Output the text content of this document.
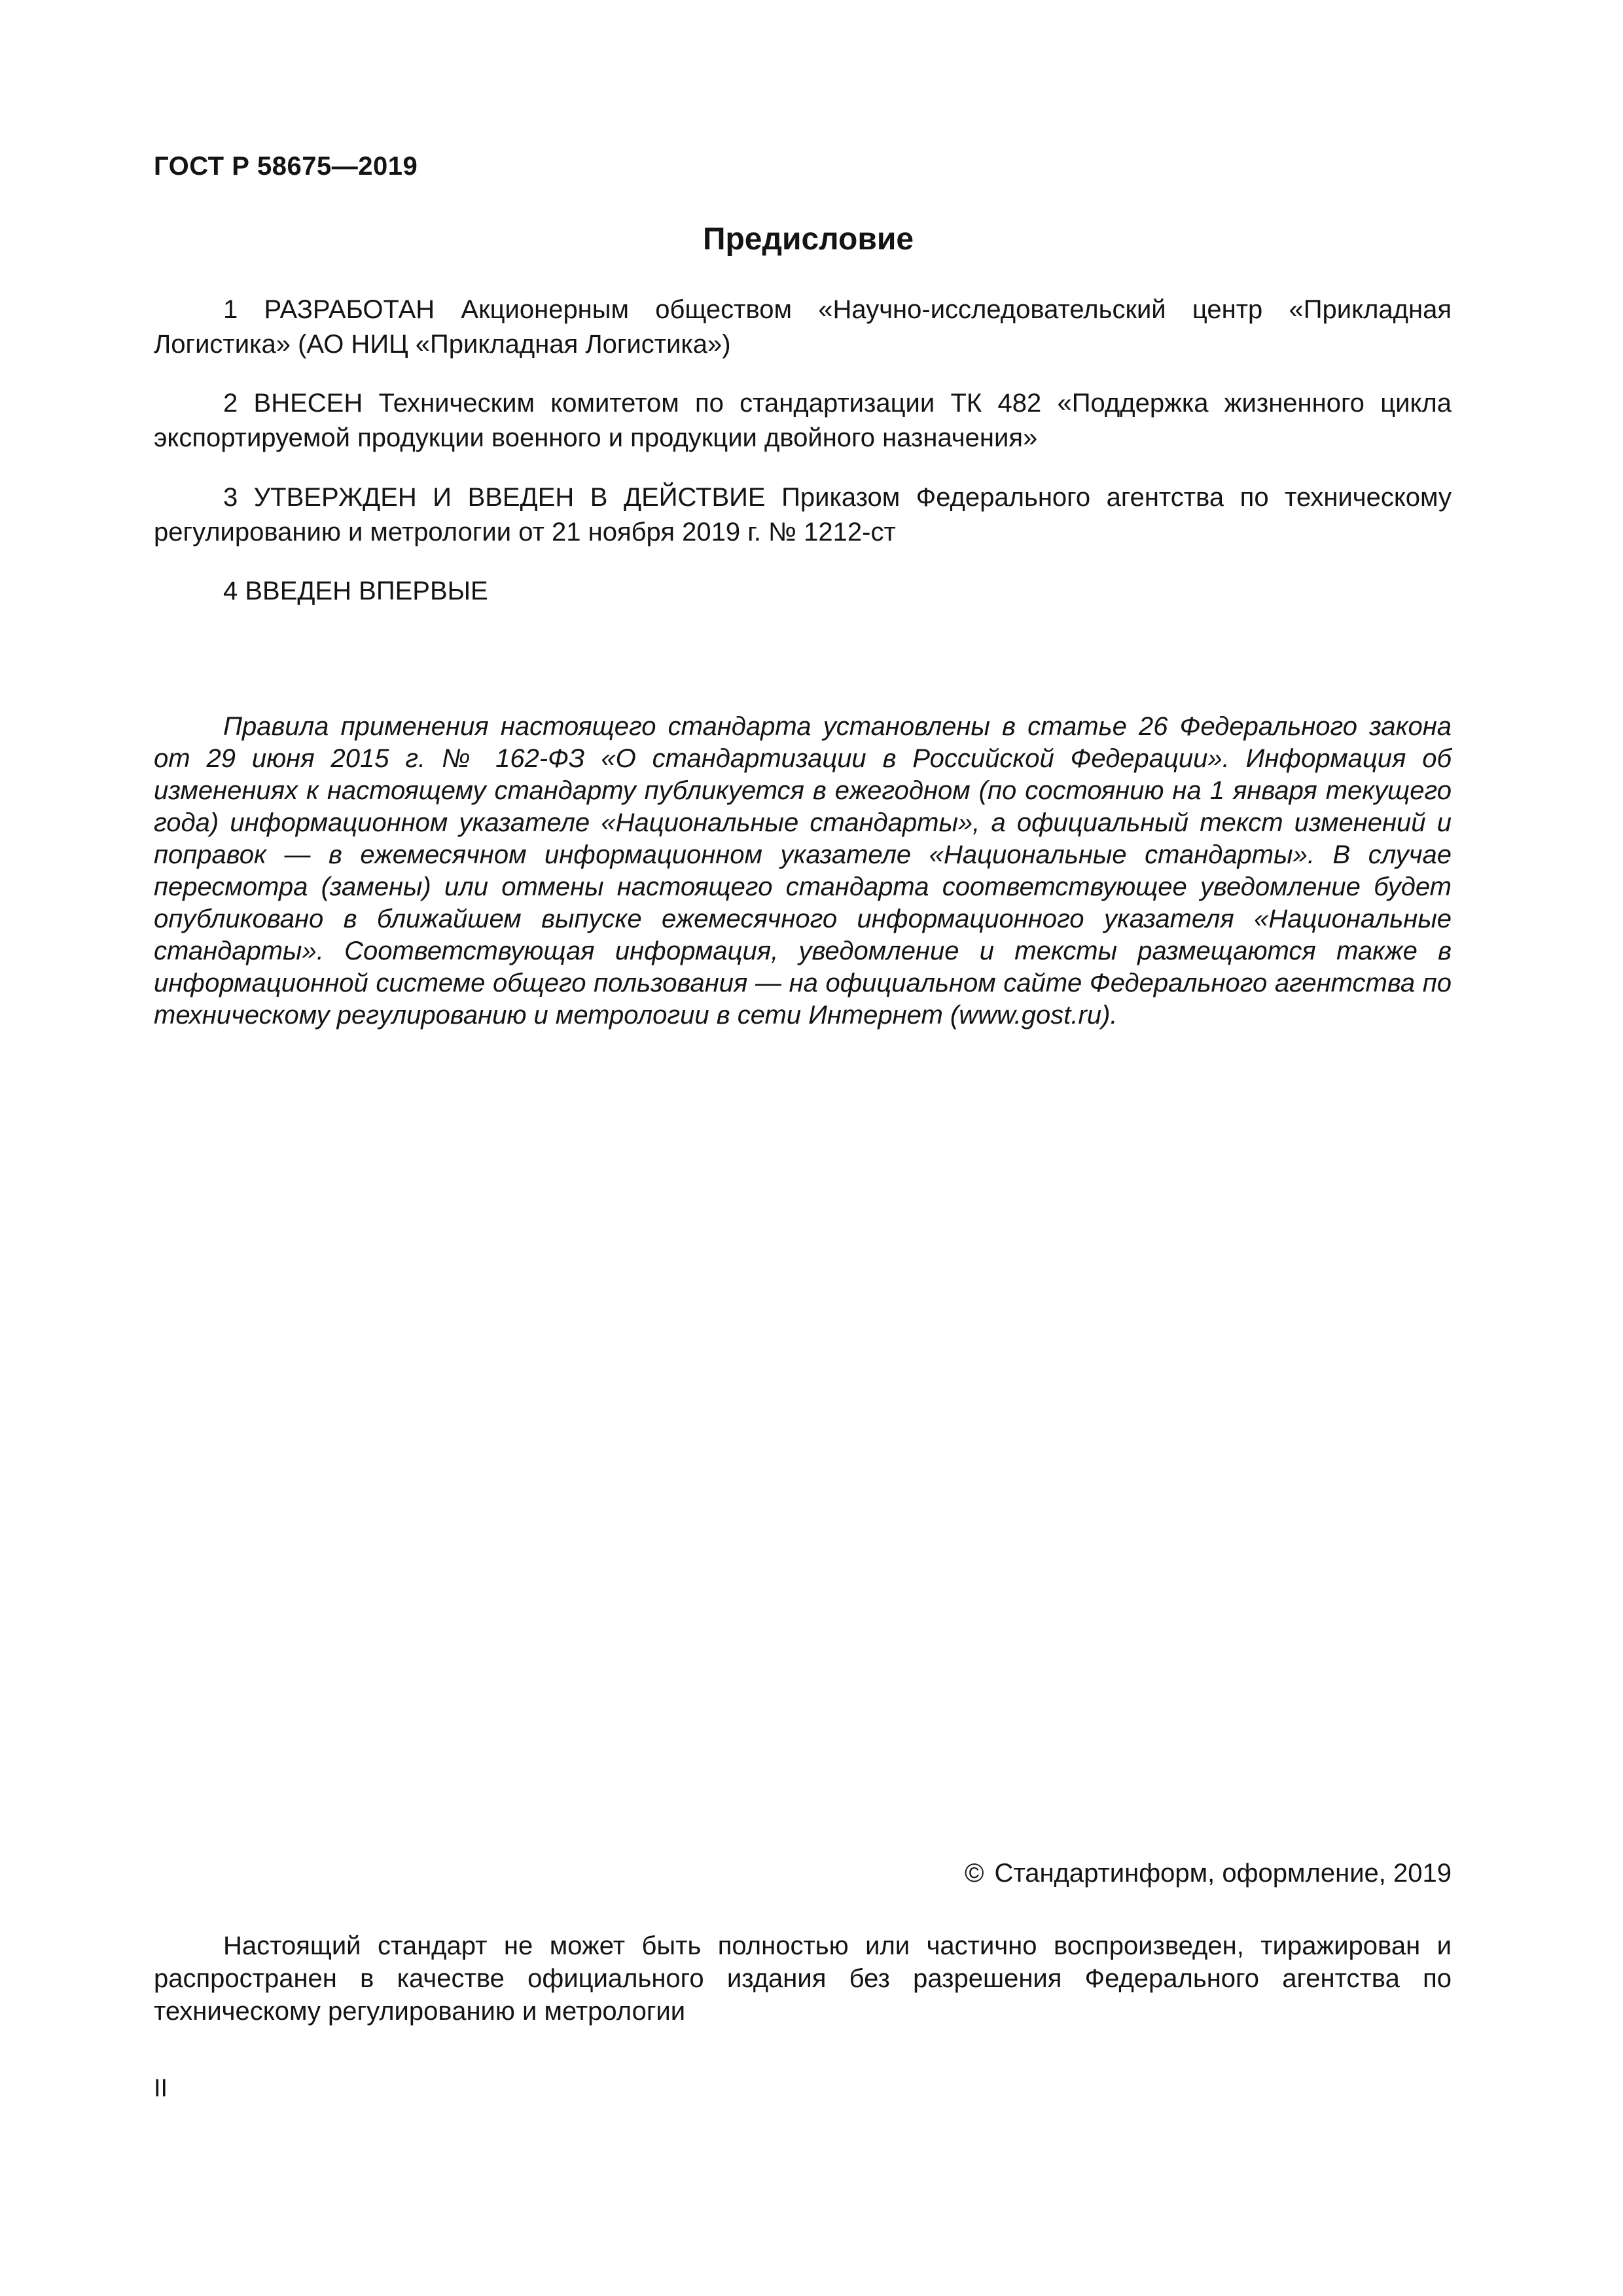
ГОСТ Р 58675—2019
Предисловие

1 РАЗРАБОТАН Акционерным обществом «Научно-исследовательский центр «Прикладная Логистика» (АО НИЦ «Прикладная Логистика»)

2 ВНЕСЕН Техническим комитетом по стандартизации ТК 482 «Поддержка жизненного цикла экспортируемой продукции военного и продукции двойного назначения»

3 УТВЕРЖДЕН И ВВЕДЕН В ДЕЙСТВИЕ Приказом Федерального агентства по техническому регулированию и метрологии от 21 ноября 2019 г. № 1212-ст

4 ВВЕДЕН ВПЕРВЫЕ

Правила применения настоящего стандарта установлены в статье 26 Федерального закона от 29 июня 2015 г. № 162-ФЗ «О стандартизации в Российской Федерации». Информация об изменениях к настоящему стандарту публикуется в ежегодном (по состоянию на 1 января текущего года) информационном указателе «Национальные стандарты», а официальный текст изменений и поправок — в ежемесячном информационном указателе «Национальные стандарты». В случае пересмотра (замены) или отмены настоящего стандарта соответствующее уведомление будет опубликовано в ближайшем выпуске ежемесячного информационного указателя «Национальные стандарты». Соответствующая информация, уведомление и тексты размещаются также в информационной системе общего пользования — на официальном сайте Федерального агентства по техническому регулированию и метрологии в сети Интернет (www.gost.ru).

© Стандартинформ, оформление, 2019

Настоящий стандарт не может быть полностью или частично воспроизведен, тиражирован и распространен в качестве официального издания без разрешения Федерального агентства по техническому регулированию и метрологии

II
